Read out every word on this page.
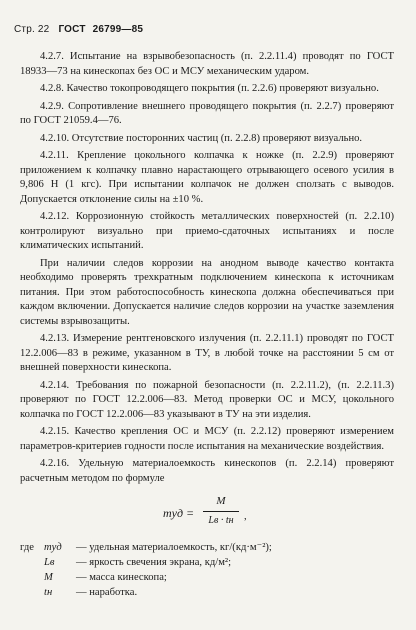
Стр. 22 ГОСТ 26799—85

4.2.7. Испытание на взрывобезопасность (п. 2.2.11.4) проводят по ГОСТ 18933—73 на кинескопах без ОС и МСУ механическим ударом.

4.2.8. Качество токопроводящего покрытия (п. 2.2.6) проверяют визуально.

4.2.9. Сопротивление внешнего проводящего покрытия (п. 2.2.7) проверяют по ГОСТ 21059.4—76.

4.2.10. Отсутствие посторонних частиц (п. 2.2.8) проверяют визуально.

4.2.11. Крепление цокольного колпачка к ножке (п. 2.2.9) проверяют приложением к колпачку плавно нарастающего отрывающего осевого усилия в 9,806 Н (1 кгс). При испытании колпачок не должен сползать с выводов. Допускается отклонение силы на ±10 %.

4.2.12. Коррозионную стойкость металлических поверхностей (п. 2.2.10) контролируют визуально при приемо-сдаточных испытаниях и после климатических испытаний.

При наличии следов коррозии на анодном выводе качество контакта необходимо проверять трехкратным подключением кинескопа к источникам питания. При этом работоспособность кинескопа должна обеспечиваться при каждом включении. Допускается наличие следов коррозии на участке заземления системы взрывозащиты.

4.2.13. Измерение рентгеновского излучения (п. 2.2.11.1) проводят по ГОСТ 12.2.006—83 в режиме, указанном в ТУ, в любой точке на расстоянии 5 см от внешней поверхности кинескопа.

4.2.14. Требования по пожарной безопасности (п. 2.2.11.2), (п. 2.2.11.3) проверяют по ГОСТ 12.2.006—83. Метод проверки ОС и МСУ, цокольного колпачка по ГОСТ 12.2.006—83 указывают в ТУ на эти изделия.

4.2.15. Качество крепления ОС и МСУ (п. 2.2.12) проверяют измерением параметров-критериев годности после испытания на механические воздействия.

4.2.16. Удельную материалоемкость кинескопов (п. 2.2.14) проверяют расчетным методом по формуле

mуд =
M
Lв · tн ,
где mуд	— удельная материалоемкость, кг/(кд·м⁻²);
Lв	— яркость свечения экрана, кд/м²;
M	— масса кинескопа;
tн	— наработка.
